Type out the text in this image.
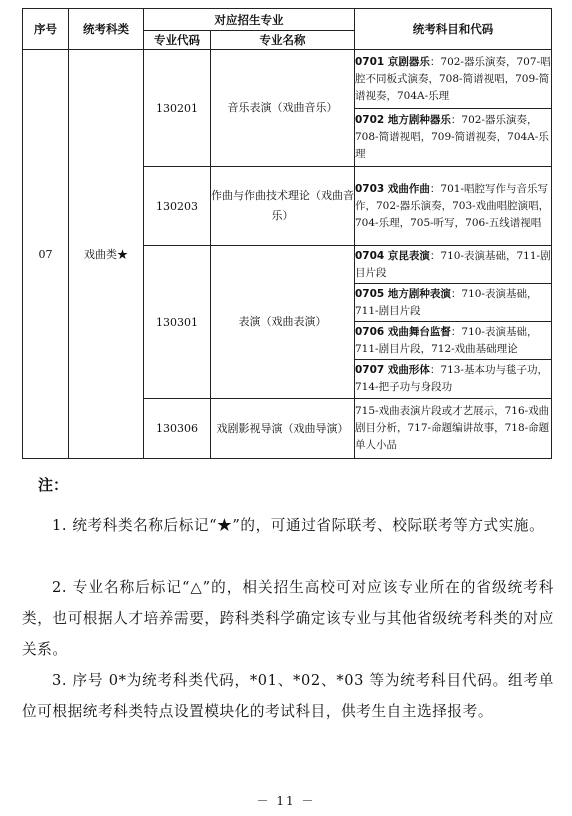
序号	统考科类	对应招生专业		统考科目和代码
		专业代码	专业名称	
07	戏曲类★	130201	音乐表演（戏曲音乐）	0701 京剧器乐：702-器乐演奏，707-唱腔不同板式演奏，708-简谱视唱，709-简谱视奏，704A-乐理
				0702 地方剧种器乐：702-器乐演奏，708-简谱视唱，709-简谱视奏，704A-乐理
		130203	作曲与作曲技术理论（戏曲音乐）	0703 戏曲作曲：701-唱腔写作与音乐写作，702-器乐演奏，703-戏曲唱腔演唱，704-乐理，705-听写，706-五线谱视唱
		130301	表演（戏曲表演）	0704 京昆表演：710-表演基础，711-剧目片段
				0705 地方剧种表演：710-表演基础，711-剧目片段
				0706 戏曲舞台监督：710-表演基础，711-剧目片段，712-戏曲基础理论
				0707 戏曲形体：713-基本功与毯子功，714-把子功与身段功
		130306	戏剧影视导演（戏曲导演）	715-戏曲表演片段或才艺展示，716-戏曲剧目分析，717-命题编讲故事，718-命题单人小品
注：
1. 统考科类名称后标记“★”的，可通过省际联考、校际联考等方式实施。
2. 专业名称后标记“△”的，相关招生高校可对应该专业所在的省级统考科类，也可根据人才培养需要，跨科类科学确定该专业与其他省级统考科类的对应关系。
3. 序号 0*为统考科类代码，*01、*02、*03 等为统考科目代码。组考单位可根据统考科类特点设置模块化的考试科目，供考生自主选择报考。
－ 11 －
